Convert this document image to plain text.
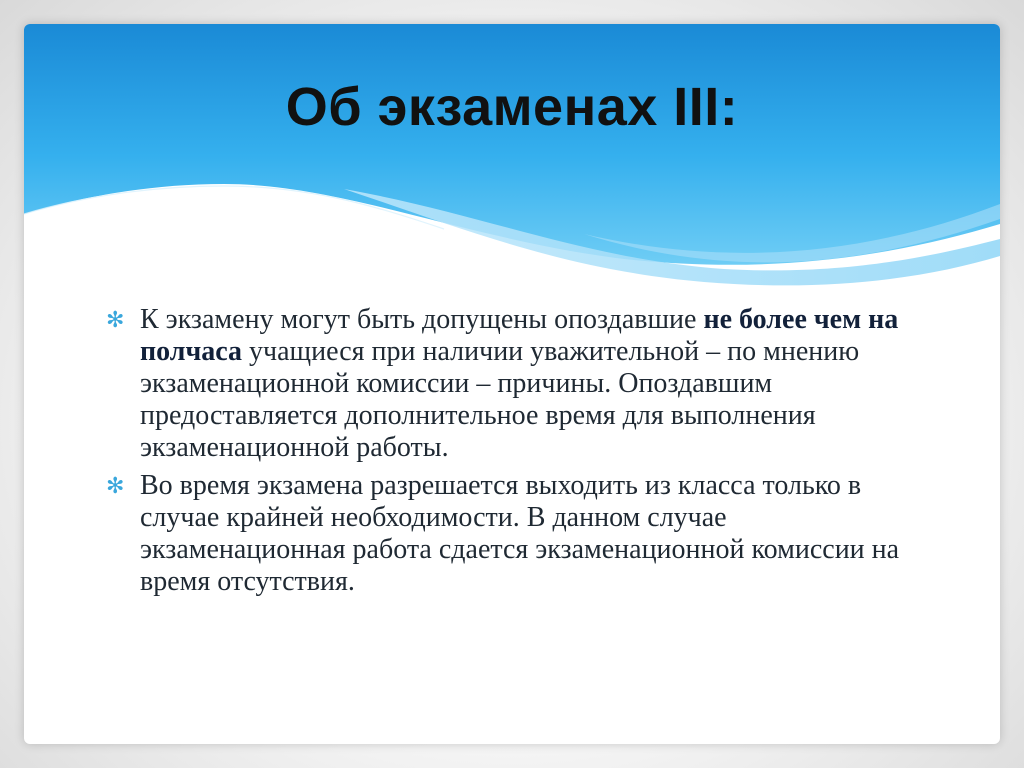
Об экзаменах III:
✻ К экзамену могут быть допущены опоздавшие не более чем на полчаса учащиеся при наличии уважительной – по мнению экзаменационной комиссии – причины. Опоздавшим предоставляется дополнительное время для выполнения экзаменационной работы.
✻ Во время экзамена разрешается выходить из класса только в случае крайней необходимости. В данном случае экзаменационная работа сдается экзаменационной комиссии на время отсутствия.
